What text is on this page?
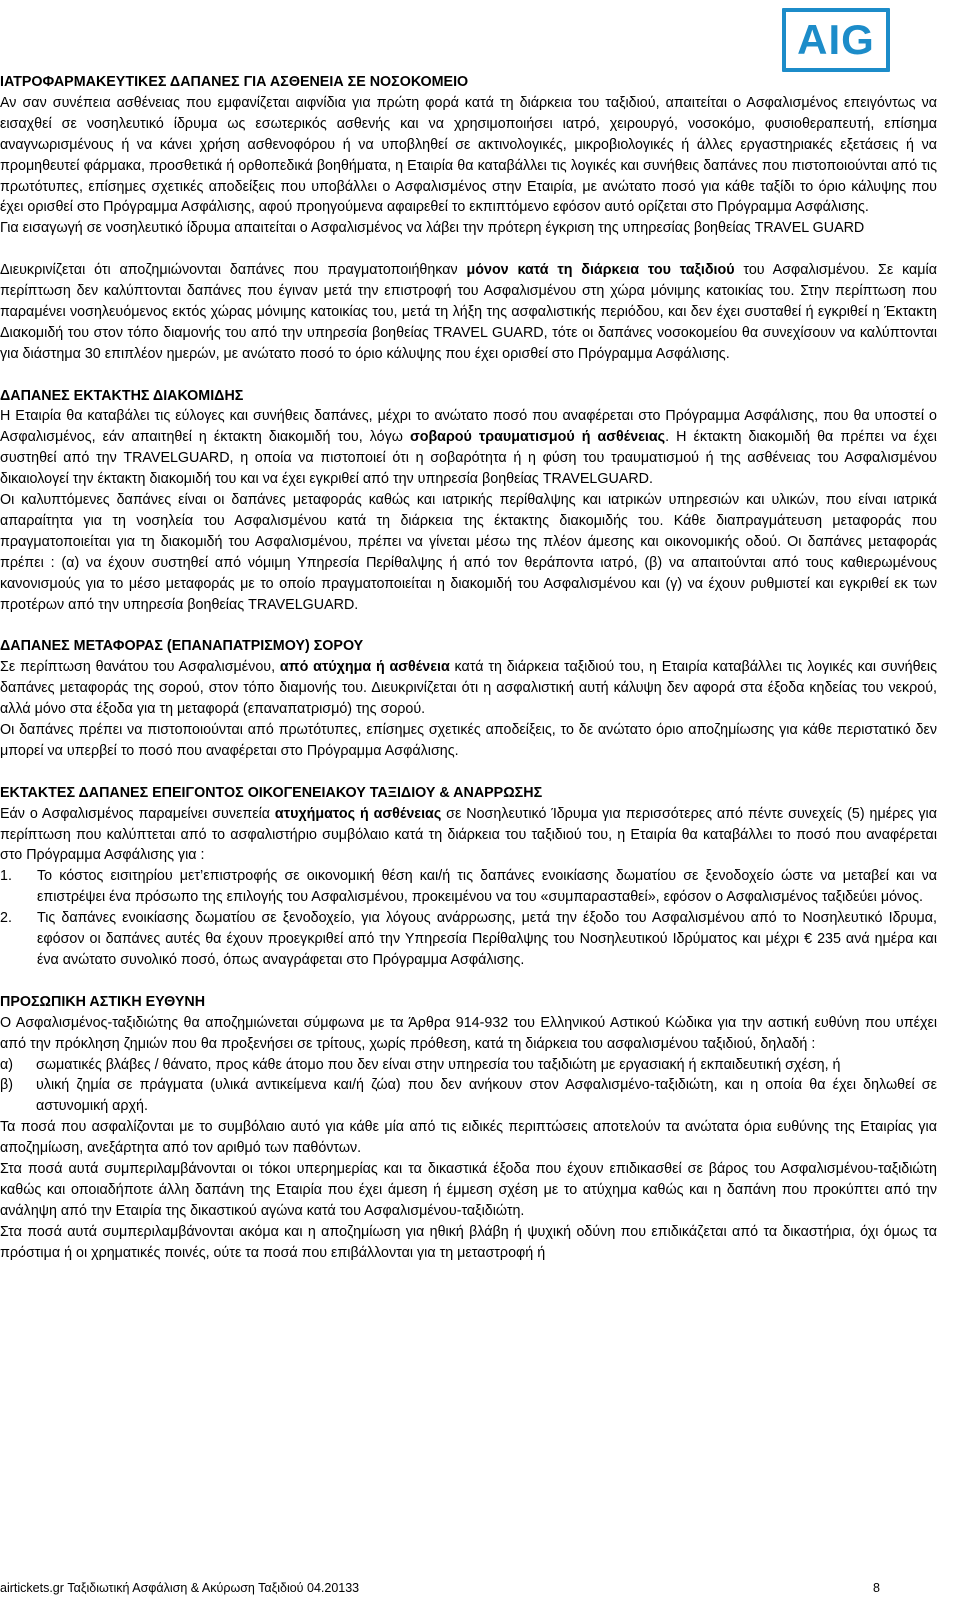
AIG
ΙΑΤΡΟΦΑΡΜΑΚΕΥΤΙΚΕΣ ΔΑΠΑΝΕΣ ΓΙΑ ΑΣΘΕΝΕΙΑ ΣΕ ΝΟΣΟΚΟΜΕΙΟ

Αν σαν συνέπεια ασθένειας που εμφανίζεται αιφνίδια για πρώτη φορά κατά τη διάρκεια του ταξιδιού, απαιτείται ο Ασφαλισμένος επειγόντως να εισαχθεί σε νοσηλευτικό ίδρυμα ως εσωτερικός ασθενής και να χρησιμοποιήσει ιατρό, χειρουργό, νοσοκόμο, φυσιοθεραπευτή, επίσημα αναγνωρισμένους ή να κάνει χρήση ασθενοφόρου ή να υποβληθεί σε ακτινολογικές, μικροβιολογικές ή άλλες εργαστηριακές εξετάσεις ή να προμηθευτεί φάρμακα, προσθετικά ή ορθοπεδικά βοηθήματα, η Εταιρία θα καταβάλλει τις λογικές και συνήθεις δαπάνες που πιστοποιούνται από τις πρωτότυπες, επίσημες σχετικές αποδείξεις που υποβάλλει ο Ασφαλισμένος στην Εταιρία, με ανώτατο ποσό για κάθε ταξίδι το όριο κάλυψης που έχει ορισθεί στο Πρόγραμμα Ασφάλισης, αφού προηγούμενα αφαιρεθεί το εκπιπτόμενο εφόσον αυτό ορίζεται στο Πρόγραμμα Ασφάλισης.

Για εισαγωγή σε νοσηλευτικό ίδρυμα απαιτείται ο Ασφαλισμένος να λάβει την πρότερη έγκριση της υπηρεσίας βοηθείας TRAVEL GUARD

Διευκρινίζεται ότι αποζημιώνονται δαπάνες που πραγματοποιήθηκαν μόνον κατά τη διάρκεια του ταξιδιού του Ασφαλισμένου. Σε καμία περίπτωση δεν καλύπτονται δαπάνες που έγιναν μετά την επιστροφή του Ασφαλισμένου στη χώρα μόνιμης κατοικίας του. Στην περίπτωση που παραμένει νοσηλευόμενος εκτός χώρας μόνιμης κατοικίας του, μετά τη λήξη της ασφαλιστικής περιόδου, και δεν έχει συσταθεί ή εγκριθεί η Έκτακτη Διακομιδή του στον τόπο διαμονής του από την υπηρεσία βοηθείας TRAVEL GUARD, τότε οι δαπάνες νοσοκομείου θα συνεχίσουν να καλύπτονται για διάστημα 30 επιπλέον ημερών, με ανώτατο ποσό το όριο κάλυψης που έχει ορισθεί στο Πρόγραμμα Ασφάλισης.

ΔΑΠΑΝΕΣ ΕΚΤΑΚΤΗΣ ΔΙΑΚΟΜΙΔΗΣ

Η Εταιρία θα καταβάλει τις εύλογες και συνήθεις δαπάνες, μέχρι το ανώτατο ποσό που αναφέρεται στο Πρόγραμμα Ασφάλισης, που θα υποστεί ο Ασφαλισμένος, εάν απαιτηθεί η έκτακτη διακομιδή του, λόγω σοβαρού τραυματισμού ή ασθένειας. Η έκτακτη διακομιδή θα πρέπει να έχει συστηθεί από την TRAVELGUARD, η οποία να πιστοποιεί ότι η σοβαρότητα ή η φύση του τραυματισμού ή της ασθένειας του Ασφαλισμένου δικαιολογεί την έκτακτη διακομιδή του και να έχει εγκριθεί από την υπηρεσία βοηθείας TRAVELGUARD.

Οι καλυπτόμενες δαπάνες είναι οι δαπάνες μεταφοράς καθώς και ιατρικής περίθαλψης και ιατρικών υπηρεσιών και υλικών, που είναι ιατρικά απαραίτητα για τη νοσηλεία του Ασφαλισμένου κατά τη διάρκεια της έκτακτης διακομιδής του. Κάθε διαπραγμάτευση μεταφοράς που πραγματοποιείται για τη διακομιδή του Ασφαλισμένου, πρέπει να γίνεται μέσω της πλέον άμεσης και οικονομικής οδού. Οι δαπάνες μεταφοράς πρέπει : (α) να έχουν συστηθεί από νόμιμη Υπηρεσία Περίθαλψης ή από τον θεράποντα ιατρό, (β) να απαιτούνται από τους καθιερωμένους κανονισμούς για το μέσο μεταφοράς με το οποίο πραγματοποιείται η διακομιδή του Ασφαλισμένου και (γ) να έχουν ρυθμιστεί και εγκριθεί εκ των προτέρων από την υπηρεσία βοηθείας TRAVELGUARD.

ΔΑΠΑΝΕΣ ΜΕΤΑΦΟΡΑΣ (ΕΠΑΝΑΠΑΤΡΙΣΜΟΥ) ΣΟΡΟΥ

Σε περίπτωση θανάτου του Ασφαλισμένου, από ατύχημα ή ασθένεια κατά τη διάρκεια ταξιδιού του, η Εταιρία καταβάλλει τις λογικές και συνήθεις δαπάνες μεταφοράς της σορού, στον τόπο διαμονής του. Διευκρινίζεται ότι η ασφαλιστική αυτή κάλυψη δεν αφορά στα έξοδα κηδείας του νεκρού, αλλά μόνο στα έξοδα για τη μεταφορά (επαναπατρισμό) της σορού.

Οι δαπάνες πρέπει να πιστοποιούνται από πρωτότυπες, επίσημες σχετικές αποδείξεις, το δε ανώτατο όριο αποζημίωσης για κάθε περιστατικό δεν μπορεί να υπερβεί το ποσό που αναφέρεται στο Πρόγραμμα Ασφάλισης.

ΕΚΤΑΚΤΕΣ ΔΑΠΑΝΕΣ ΕΠΕΙΓΟΝΤΟΣ ΟΙΚΟΓΕΝΕΙΑΚΟΥ ΤΑΞΙΔΙΟΥ & ΑΝΑΡΡΩΣΗΣ

Εάν ο Ασφαλισμένος παραμείνει συνεπεία ατυχήματος ή ασθένειας σε Νοσηλευτικό Ίδρυμα για περισσότερες από πέντε συνεχείς (5) ημέρες για περίπτωση που καλύπτεται από το ασφαλιστήριο συμβόλαιο κατά τη διάρκεια του ταξιδιού του, η Εταιρία θα καταβάλλει το ποσό που αναφέρεται στο Πρόγραμμα Ασφάλισης για :

1.	Το κόστος εισιτηρίου μετ’επιστροφής σε οικονομική θέση και/ή τις δαπάνες ενοικίασης δωματίου σε ξενοδοχείο ώστε να μεταβεί και να επιστρέψει ένα πρόσωπο της επιλογής του Ασφαλισμένου, προκειμένου να του «συμπαρασταθεί», εφόσον ο Ασφαλισμένος ταξιδεύει μόνος.
2.	Τις δαπάνες ενοικίασης δωματίου σε ξενοδοχείο, για λόγους ανάρρωσης, μετά την έξοδο του Ασφαλισμένου από το Νοσηλευτικό Ιδρυμα, εφόσον οι δαπάνες αυτές θα έχουν προεγκριθεί από την Υπηρεσία Περίθαλψης του Νοσηλευτικού Ιδρύματος και μέχρι € 235 ανά ημέρα και ένα ανώτατο συνολικό ποσό, όπως αναγράφεται στο Πρόγραμμα Ασφάλισης.
ΠΡΟΣΩΠΙΚΗ ΑΣΤΙΚΗ ΕΥΘΥΝΗ

Ο Ασφαλισμένος-ταξιδιώτης θα αποζημιώνεται σύμφωνα με τα Άρθρα 914-932 του Ελληνικού Αστικού Κώδικα για την αστική ευθύνη που υπέχει από την πρόκληση ζημιών που θα προξενήσει σε τρίτους, χωρίς πρόθεση, κατά τη διάρκεια του ασφαλισμένου ταξιδιού, δηλαδή :

α)	σωματικές βλάβες / θάνατο, προς κάθε άτομο που δεν είναι στην υπηρεσία του ταξιδιώτη με εργασιακή ή εκπαιδευτική σχέση, ή
β)	υλική ζημία σε πράγματα (υλικά αντικείμενα και/ή ζώα) που δεν ανήκουν στον Ασφαλισμένο-ταξιδιώτη, και η οποία θα έχει δηλωθεί σε αστυνομική αρχή.

Τα ποσά που ασφαλίζονται με το συμβόλαιο αυτό για κάθε μία από τις ειδικές περιπτώσεις αποτελούν τα ανώτατα όρια ευθύνης της Εταιρίας για αποζημίωση, ανεξάρτητα από τον αριθμό των παθόντων.

Στα ποσά αυτά συμπεριλαμβάνονται οι τόκοι υπερημερίας και τα δικαστικά έξοδα που έχουν επιδικασθεί σε βάρος του Ασφαλισμένου-ταξιδιώτη καθώς και οποιαδήποτε άλλη δαπάνη της Εταιρία που έχει άμεση ή έμμεση σχέση με το ατύχημα καθώς και η δαπάνη που προκύπτει από την ανάληψη από την Εταιρία της δικαστικού αγώνα κατά του Ασφαλισμένου-ταξιδιώτη.

Στα ποσά αυτά συμπεριλαμβάνονται ακόμα και η αποζημίωση για ηθική βλάβη ή ψυχική οδύνη που επιδικάζεται από τα δικαστήρια, όχι όμως τα πρόστιμα ή οι χρηματικές ποινές, ούτε τα ποσά που επιβάλλονται για τη μεταστροφή ή

airtickets.gr Ταξιδιωτική Ασφάλιση & Ακύρωση Ταξιδιού 04.20133	8
